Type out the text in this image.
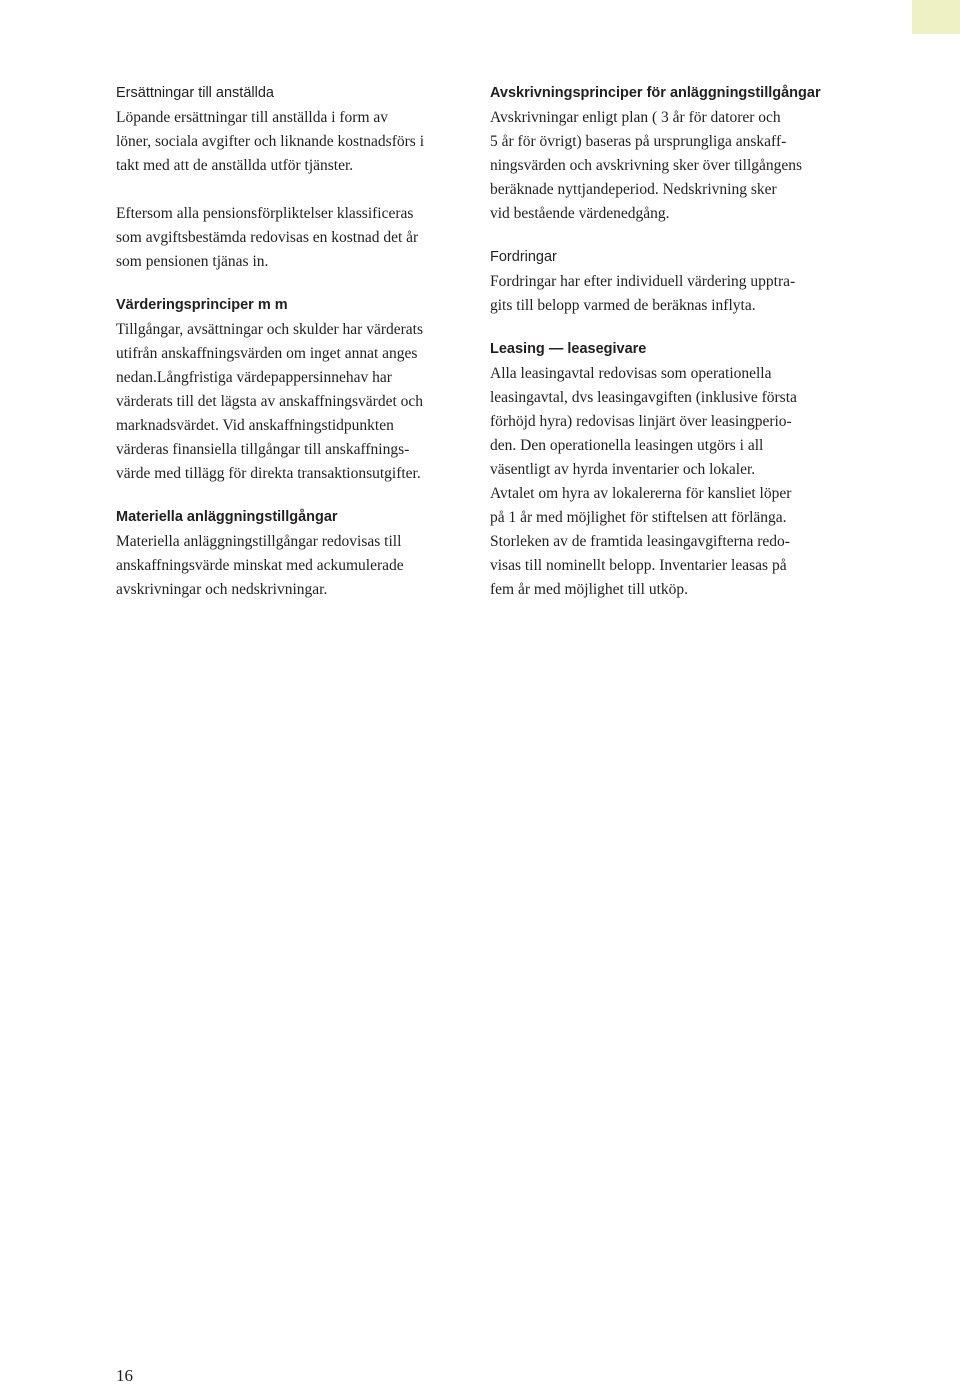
Ersättningar till anställda
Löpande ersättningar till anställda i form av
löner, sociala avgifter och liknande kostnadsförs i
takt med att de anställda utför tjänster.
Eftersom alla pensionsförpliktelser klassificeras
som avgiftsbestämda redovisas en kostnad det år
som pensionen tjänas in.
Värderingsprinciper m m
Tillgångar, avsättningar och skulder har värderats
utifrån anskaffningsvärden om inget annat anges
nedan.Långfristiga värdepappersinnehav har
värderats till det lägsta av anskaffningsvärdet och
marknadsvärdet. Vid anskaffningstidpunkten
värderas finansiella tillgångar till anskaffnings-
värde med tillägg för direkta transaktionsutgifter.
Materiella anläggningstillgångar
Materiella anläggningstillgångar redovisas till
anskaffningsvärde minskat med ackumulerade
avskrivningar och nedskrivningar.
Avskrivningsprinciper för anläggningstillgångar
Avskrivningar enligt plan ( 3 år för datorer och
5 år för övrigt) baseras på ursprungliga anskaff-
ningsvärden och avskrivning sker över tillgångens
beräknade nyttjandeperiod. Nedskrivning sker
vid bestående värdenedgång.
Fordringar
Fordringar har efter individuell värdering upptra-
gits till belopp varmed de beräknas inflyta.
Leasing — leasegivare
Alla leasingavtal redovisas som operationella
leasingavtal, dvs leasingavgiften (inklusive första
förhöjd hyra) redovisas linjärt över leasingperio-
den. Den operationella leasingen utgörs i all
väsentligt av hyrda inventarier och lokaler.
Avtalet om hyra av lokalererna för kansliet löper
på 1 år med möjlighet för stiftelsen att förlänga.
Storleken av de framtida leasingavgifterna redo-
visas till nominellt belopp. Inventarier leasas på
fem år med möjlighet till utköp.
16
